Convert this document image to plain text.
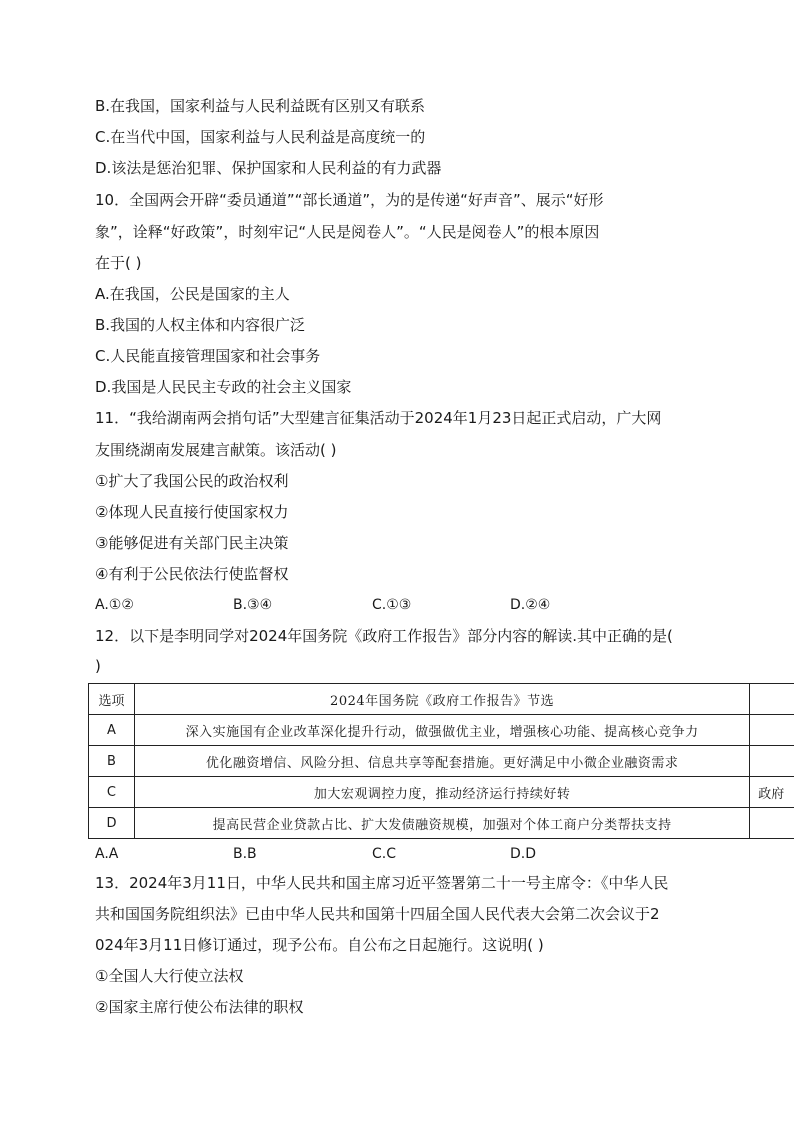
B.在我国，国家利益与人民利益既有区别又有联系
C.在当代中国，国家利益与人民利益是高度统一的
D.该法是惩治犯罪、保护国家和人民利益的有力武器
10．全国两会开辟“委员通道”“部长通道”，为的是传递“好声音”、展示“好形
象”，诠释“好政策”，时刻牢记“人民是阅卷人”。“人民是阅卷人”的根本原因
在于( )
A.在我国，公民是国家的主人
B.我国的人权主体和内容很广泛
C.人民能直接管理国家和社会事务
D.我国是人民民主专政的社会主义国家
11．“我给湖南两会捎句话”大型建言征集活动于2024年1月23日起正式启动，广大网
友围绕湖南发展建言献策。该活动( )
①扩大了我国公民的政治权利
②体现人民直接行使国家权力
③能够促进有关部门民主决策
④有利于公民依法行使监督权
A.①②	B.③④	C.①③	D.②④
12．以下是李明同学对2024年国务院《政府工作报告》部分内容的解读.其中正确的是(
)
选项	2024年国务院《政府工作报告》节选	
A	深入实施国有企业改革深化提升行动，做强做优主业，增强核心功能、提高核心竞争力	
B	优化融资增信、风险分担、信息共享等配套措施。更好满足中小微企业融资需求	
C	加大宏观调控力度，推动经济运行持续好转	政府
D	提高民营企业贷款占比、扩大发债融资规模，加强对个体工商户分类帮扶支持	
A.A	B.B	C.C	D.D
13．2024年3月11日，中华人民共和国主席习近平签署第二十一号主席令：《中华人民
共和国国务院组织法》已由中华人民共和国第十四届全国人民代表大会第二次会议于2
024年3月11日修订通过，现予公布。自公布之日起施行。这说明( )
①全国人大行使立法权
②国家主席行使公布法律的职权
